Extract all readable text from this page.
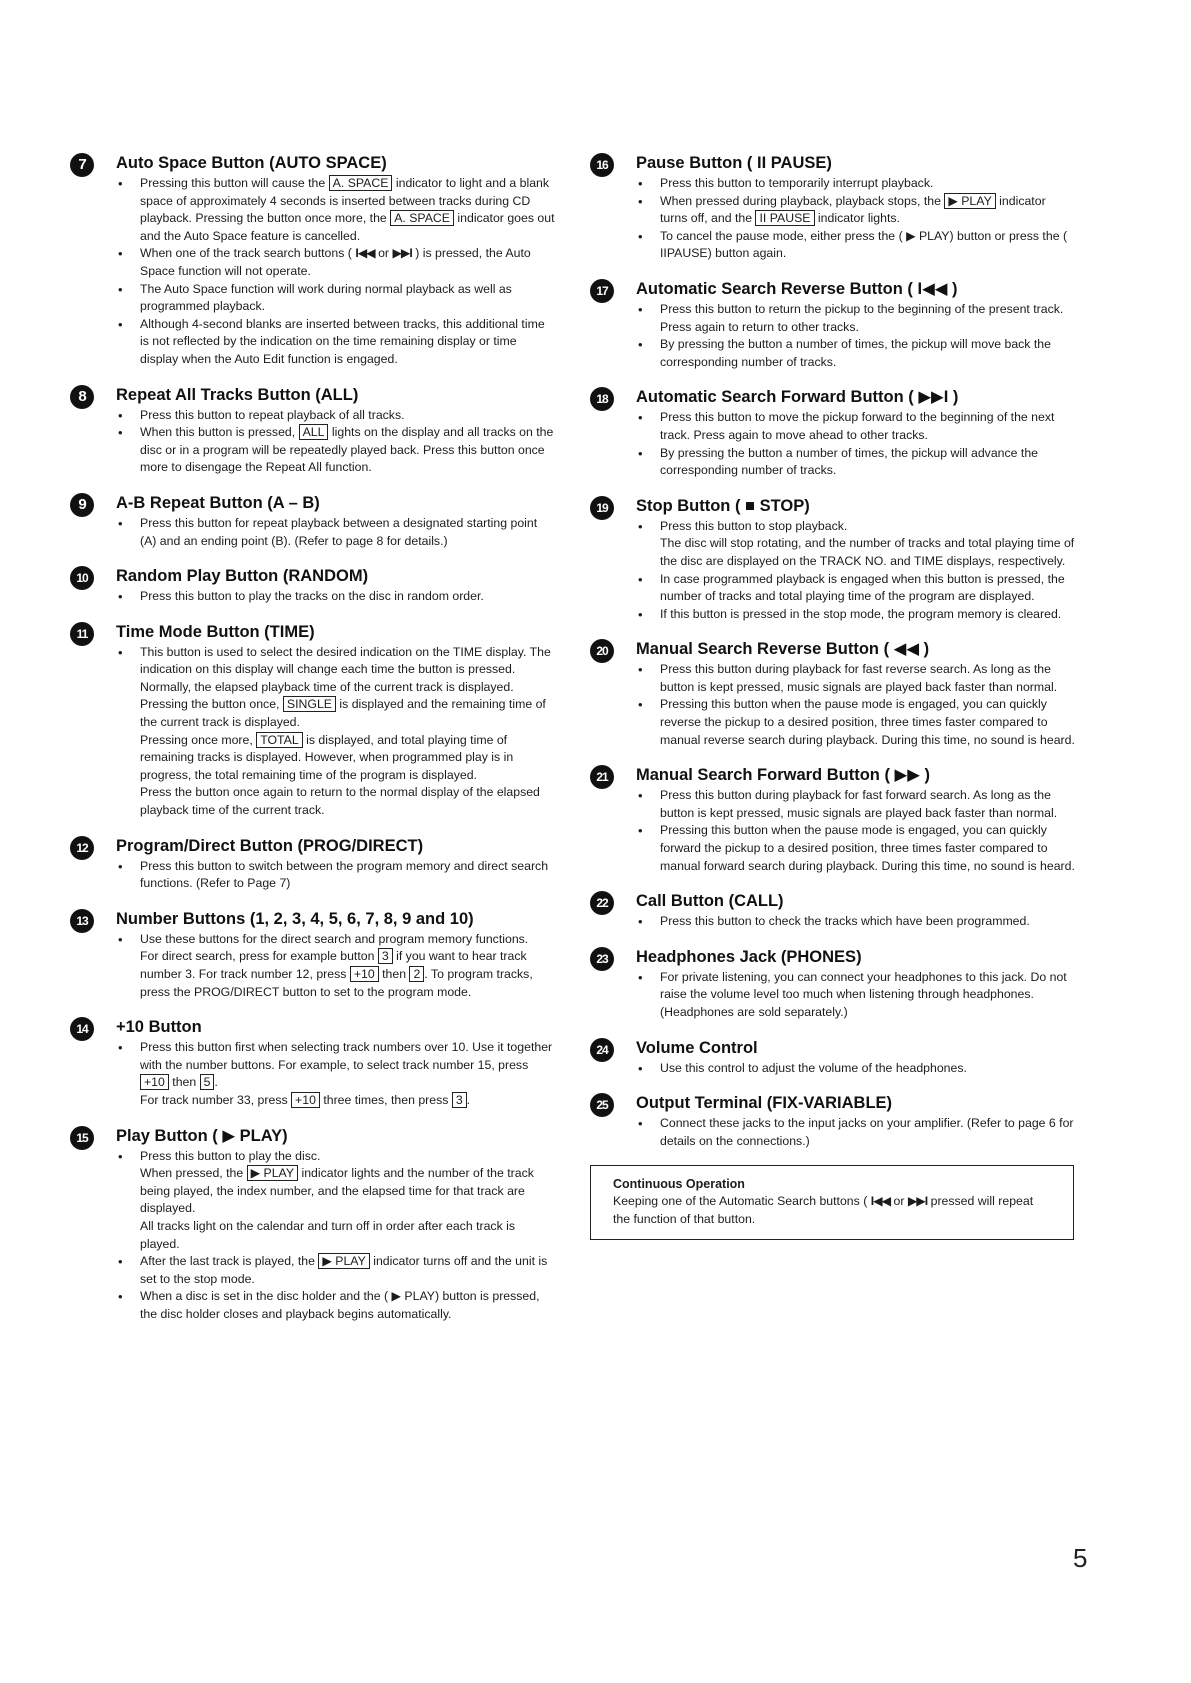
7	Auto Space Button (AUTO SPACE)
• Pressing this button will cause the A. SPACE indicator to light and a blank space of approximately 4 seconds is inserted between tracks during CD playback. Pressing the button once more, the A. SPACE indicator goes out and the Auto Space feature is cancelled.
• When one of the track search buttons ( I◀◀ or ▶▶I ) is pressed, the Auto Space function will not operate.
• The Auto Space function will work during normal playback as well as programmed playback.
• Although 4-second blanks are inserted between tracks, this additional time is not reflected by the indication on the time remaining display or time display when the Auto Edit function is engaged.
8	Repeat All Tracks Button (ALL)
• Press this button to repeat playback of all tracks.
• When this button is pressed, ALL lights on the display and all tracks on the disc or in a program will be repeatedly played back. Press this button once more to disengage the Repeat All function.
9	A-B Repeat Button (A – B)
• Press this button for repeat playback between a designated starting point (A) and an ending point (B). (Refer to page 8 for details.)
10	Random Play Button (RANDOM)
• Press this button to play the tracks on the disc in random order.
11	Time Mode Button (TIME)
• This button is used to select the desired indication on the TIME display. The indication on this display will change each time the button is pressed.
Normally, the elapsed playback time of the current track is displayed.
Pressing the button once, SINGLE is displayed and the remaining time of the current track is displayed.
Pressing once more, TOTAL is displayed, and total playing time of remaining tracks is displayed. However, when programmed play is in progress, the total remaining time of the program is displayed.
Press the button once again to return to the normal display of the elapsed playback time of the current track.
12	Program/Direct Button (PROG/DIRECT)
• Press this button to switch between the program memory and direct search functions. (Refer to Page 7)
13	Number Buttons (1, 2, 3, 4, 5, 6, 7, 8, 9 and 10)
• Use these buttons for the direct search and program memory functions.
For direct search, press for example button 3 if you want to hear track number 3. For track number 12, press +10 then 2 . To program tracks, press the PROG/DIRECT button to set to the program mode.
14	+10 Button
• Press this button first when selecting track numbers over 10. Use it together with the number buttons. For example, to select track number 15, press +10 then 5 .
For track number 33, press +10 three times, then press 3 .
15	Play Button ( ▶ PLAY)
• Press this button to play the disc.
When pressed, the ▶ PLAY indicator lights and the number of the track being played, the index number, and the elapsed time for that track are displayed.
All tracks light on the calendar and turn off in order after each track is played.
• After the last track is played, the ▶ PLAY indicator turns off and the unit is set to the stop mode.
• When a disc is set in the disc holder and the ( ▶ PLAY) button is pressed, the disc holder closes and playback begins automatically.
16	Pause Button ( II PAUSE)
• Press this button to temporarily interrupt playback.
• When pressed during playback, playback stops, the ▶ PLAY indicator turns off, and the II PAUSE indicator lights.
• To cancel the pause mode, either press the ( ▶ PLAY) button or press the ( IIPAUSE) button again.
17	Automatic Search Reverse Button ( I◀◀ )
• Press this button to return the pickup to the beginning of the present track. Press again to return to other tracks.
• By pressing the button a number of times, the pickup will move back the corresponding number of tracks.
18	Automatic Search Forward Button ( ▶▶I )
• Press this button to move the pickup forward to the beginning of the next track. Press again to move ahead to other tracks.
• By pressing the button a number of times, the pickup will advance the corresponding number of tracks.
19	Stop Button ( ■ STOP)
• Press this button to stop playback.
The disc will stop rotating, and the number of tracks and total playing time of the disc are displayed on the TRACK NO. and TIME displays, respectively.
• In case programmed playback is engaged when this button is pressed, the number of tracks and total playing time of the program are displayed.
• If this button is pressed in the stop mode, the program memory is cleared.
20	Manual Search Reverse Button ( ◀◀ )
• Press this button during playback for fast reverse search. As long as the button is kept pressed, music signals are played back faster than normal.
• Pressing this button when the pause mode is engaged, you can quickly reverse the pickup to a desired position, three times faster compared to manual reverse search during playback. During this time, no sound is heard.
21	Manual Search Forward Button ( ▶▶ )
• Press this button during playback for fast forward search. As long as the button is kept pressed, music signals are played back faster than normal.
• Pressing this button when the pause mode is engaged, you can quickly forward the pickup to a desired position, three times faster compared to manual forward search during playback. During this time, no sound is heard.
22	Call Button (CALL)
• Press this button to check the tracks which have been programmed.
23	Headphones Jack (PHONES)
• For private listening, you can connect your headphones to this jack. Do not raise the volume level too much when listening through headphones. (Headphones are sold separately.)
24	Volume Control
• Use this control to adjust the volume of the headphones.
25	Output Terminal (FIX-VARIABLE)
• Connect these jacks to the input jacks on your amplifier. (Refer to page 6 for details on the connections.)
Continuous Operation
Keeping one of the Automatic Search buttons ( I◀◀ or ▶▶I pressed will repeat the function of that button.
5
